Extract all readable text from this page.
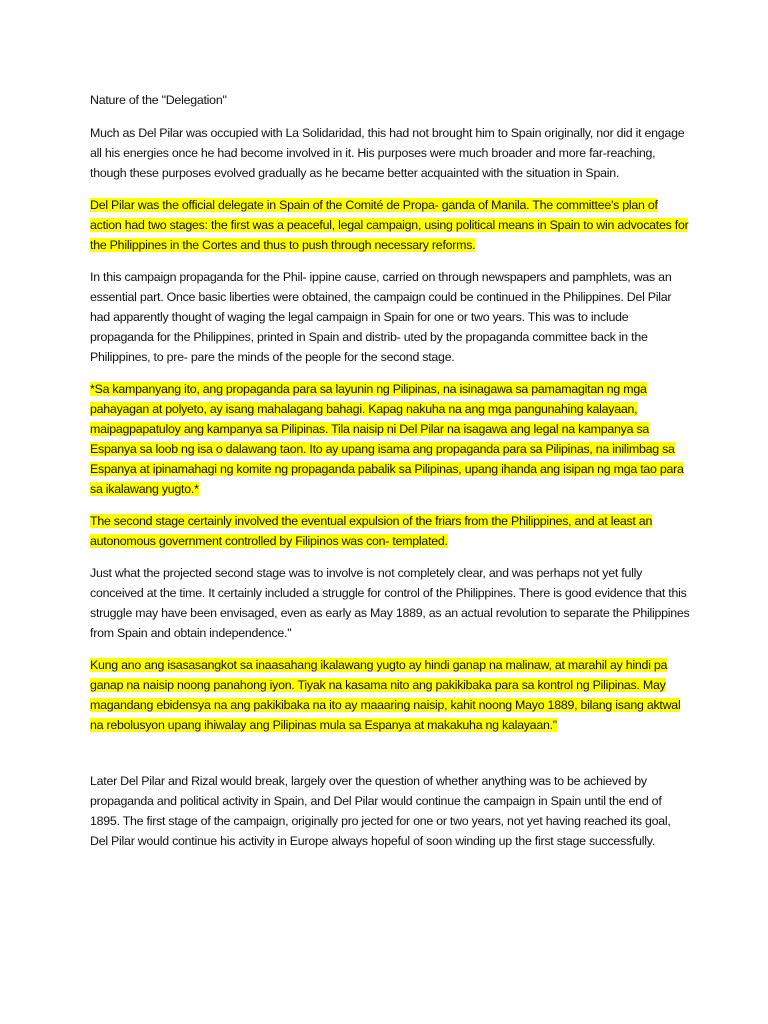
Nature of the "Delegation"

Much as Del Pilar was occupied with La Solidaridad, this had not brought him to Spain originally, nor did it engage all his energies once he had become involved in it. His purposes were much broader and more far-reaching, though these purposes evolved gradually as he became better acquainted with the situation in Spain.

Del Pilar was the official delegate in Spain of the Comité de Propa- ganda of Manila. The committee's plan of action had two stages: the first was a peaceful, legal campaign, using political means in Spain to win advocates for the Philippines in the Cortes and thus to push through necessary reforms.

In this campaign propaganda for the Phil- ippine cause, carried on through newspapers and pamphlets, was an essential part. Once basic liberties were obtained, the campaign could be continued in the Philippines. Del Pilar had apparently thought of waging the legal campaign in Spain for one or two years. This was to include propaganda for the Philippines, printed in Spain and distrib- uted by the propaganda committee back in the Philippines, to pre- pare the minds of the people for the second stage.

*Sa kampanyang ito, ang propaganda para sa layunin ng Pilipinas, na isinagawa sa pamamagitan ng mga pahayagan at polyeto, ay isang mahalagang bahagi. Kapag nakuha na ang mga pangunahing kalayaan, maipagpapatuloy ang kampanya sa Pilipinas. Tila naisip ni Del Pilar na isagawa ang legal na kampanya sa Espanya sa loob ng isa o dalawang taon. Ito ay upang isama ang propaganda para sa Pilipinas, na inilimbag sa Espanya at ipinamahagi ng komite ng propaganda pabalik sa Pilipinas, upang ihanda ang isipan ng mga tao para sa ikalawang yugto.*

The second stage certainly involved the eventual expulsion of the friars from the Philippines, and at least an autonomous government controlled by Filipinos was con- templated.

Just what the projected second stage was to involve is not completely clear, and was perhaps not yet fully conceived at the time. It certainly included a struggle for control of the Philippines. There is good evidence that this struggle may have been envisaged, even as early as May 1889, as an actual revolution to separate the Philippines from Spain and obtain independence."

Kung ano ang isasasangkot sa inaasahang ikalawang yugto ay hindi ganap na malinaw, at marahil ay hindi pa ganap na naisip noong panahong iyon. Tiyak na kasama nito ang pakikibaka para sa kontrol ng Pilipinas. May magandang ebidensya na ang pakikibaka na ito ay maaaring naisip, kahit noong Mayo 1889, bilang isang aktwal na rebolusyon upang ihiwalay ang Pilipinas mula sa Espanya at makakuha ng kalayaan."

Later Del Pilar and Rizal would break, largely over the question of whether anything was to be achieved by propaganda and political activity in Spain, and Del Pilar would continue the campaign in Spain until the end of 1895. The first stage of the campaign, originally pro jected for one or two years, not yet having reached its goal, Del Pilar would continue his activity in Europe always hopeful of soon winding up the first stage successfully.
